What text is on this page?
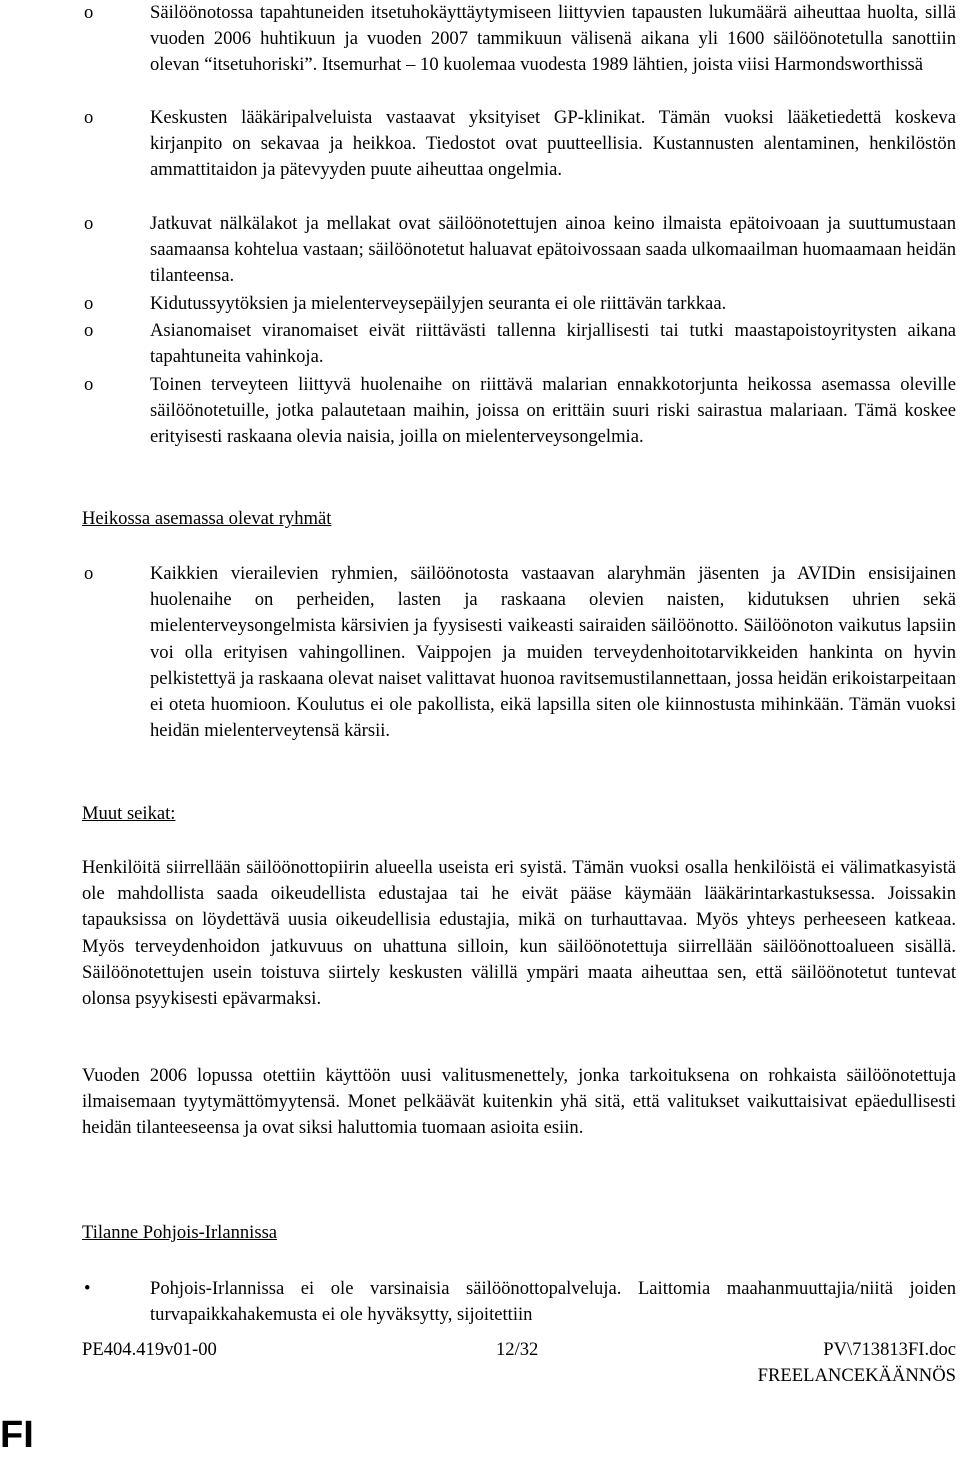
o	Säilöönotossa tapahtuneiden itsetuhokäyttäytymiseen liittyvien tapausten lukumäärä aiheuttaa huolta, sillä vuoden 2006 huhtikuun ja vuoden 2007 tammikuun välisenä aikana yli 1600 säilöönotetulla sanottiin olevan “itsetuhoriski”. Itsemurhat – 10 kuolemaa vuodesta 1989 lähtien, joista viisi Harmondsworthissä

o	Keskusten lääkäripalveluista vastaavat yksityiset GP-klinikat. Tämän vuoksi lääketiedettä koskeva kirjanpito on sekavaa ja heikkoa. Tiedostot ovat puutteellisia. Kustannusten alentaminen, henkilöstön ammattitaidon ja pätevyyden puute aiheuttaa ongelmia.

o	Jatkuvat nälkälakot ja mellakat ovat säilöönotettujen ainoa keino ilmaista epätoivoaan ja suuttumustaan saamaansa kohtelua vastaan; säilöönotetut haluavat epätoivossaan saada ulkomaailman huomaamaan heidän tilanteensa.

o	Kidutussyytöksien ja mielenterveysepäilyjen seuranta ei ole riittävän tarkkaa.

o	Asianomaiset viranomaiset eivät riittävästi tallenna kirjallisesti tai tutki maastapoistoyritysten aikana tapahtuneita vahinkoja.

o	Toinen terveyteen liittyvä huolenaihe on riittävä malarian ennakkotorjunta heikossa asemassa oleville säilöönotetuille, jotka palautetaan maihin, joissa on erittäin suuri riski sairastua malariaan. Tämä koskee erityisesti raskaana olevia naisia, joilla on mielenterveysongelmia.

Heikossa asemassa olevat ryhmät
o	Kaikkien vierailevien ryhmien, säilöönotosta vastaavan alaryhmän jäsenten ja AVIDin ensisijainen huolenaihe on perheiden, lasten ja raskaana olevien naisten, kidutuksen uhrien sekä mielenterveysongelmista kärsivien ja fyysisesti vaikeasti sairaiden säilöönotto. Säilöönoton vaikutus lapsiin voi olla erityisen vahingollinen. Vaippojen ja muiden terveydenhoitotarvikkeiden hankinta on hyvin pelkistettyä ja raskaana olevat naiset valittavat huonoa ravitsemustilannettaan, jossa heidän erikoistarpeitaan ei oteta huomioon. Koulutus ei ole pakollista, eikä lapsilla siten ole kiinnostusta mihinkään. Tämän vuoksi heidän mielenterveytensä kärsii.

Muut seikat:

Henkilöitä siirrellään säilöönottopiirin alueella useista eri syistä. Tämän vuoksi osalla henkilöistä ei välimatkasyistä ole mahdollista saada oikeudellista edustajaa tai he eivät pääse käymään lääkärintarkastuksessa. Joissakin tapauksissa on löydettävä uusia oikeudellisia edustajia, mikä on turhauttavaa. Myös yhteys perheeseen katkeaa. Myös terveydenhoidon jatkuvuus on uhattuna silloin, kun säilöönotettuja siirrellään säilöönottoalueen sisällä. Säilöönotettujen usein toistuva siirtely keskusten välillä ympäri maata aiheuttaa sen, että säilöönotetut tuntevat olonsa psyykisesti epävarmaksi.

Vuoden 2006 lopussa otettiin käyttöön uusi valitusmenettely, jonka tarkoituksena on rohkaista säilöönotettuja ilmaisemaan tyytymättömyytensä. Monet pelkäävät kuitenkin yhä sitä, että valitukset vaikuttaisivat epäedullisesti heidän tilanteeseensa ja ovat siksi haluttomia tuomaan asioita esiin.

Tilanne Pohjois-Irlannissa
•	Pohjois-Irlannissa ei ole varsinaisia säilöönottopalveluja. Laittomia maahanmuuttajia/niitä joiden turvapaikkahakemusta ei ole hyväksytty, sijoitettiin

PE404.419v01-00	12/32	PV\713813FI.doc
FREELANCEKÄÄNNÖS
FI
